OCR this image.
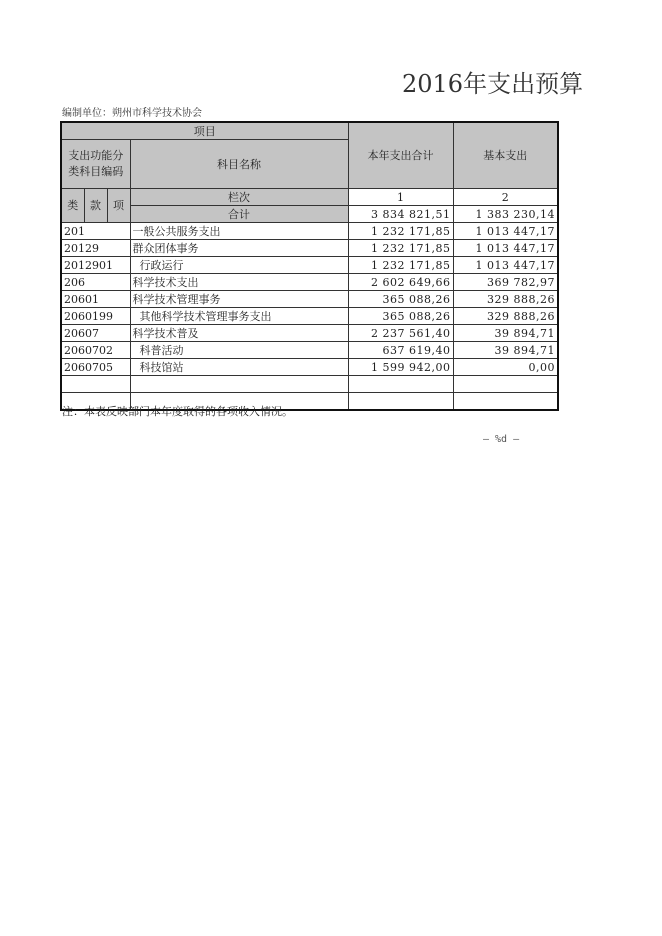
2016年支出预算
编制单位：朔州市科学技术协会
项目				本年支出合计	基本支出
支出功能分类科目编码			科目名称		

类	款	项	栏次	1	2
			合计	3 834 821,51	1 383 230,14
201			一般公共服务支出	1 232 171,85	1 013 447,17
20129			群众团体事务	1 232 171,85	1 013 447,17
2012901			行政运行	1 232 171,85	1 013 447,17
206			科学技术支出	2 602 649,66	369 782,97
20601			科学技术管理事务	365 088,26	329 888,26
2060199			其他科学技术管理事务支出	365 088,26	329 888,26
20607			科学技术普及	2 237 561,40	39 894,71
2060702			科普活动	637 619,40	39 894,71
2060705			科技馆站	1 599 942,00	0,00

注：本表反映部门本年度取得的各项收入情况。
— %d —
